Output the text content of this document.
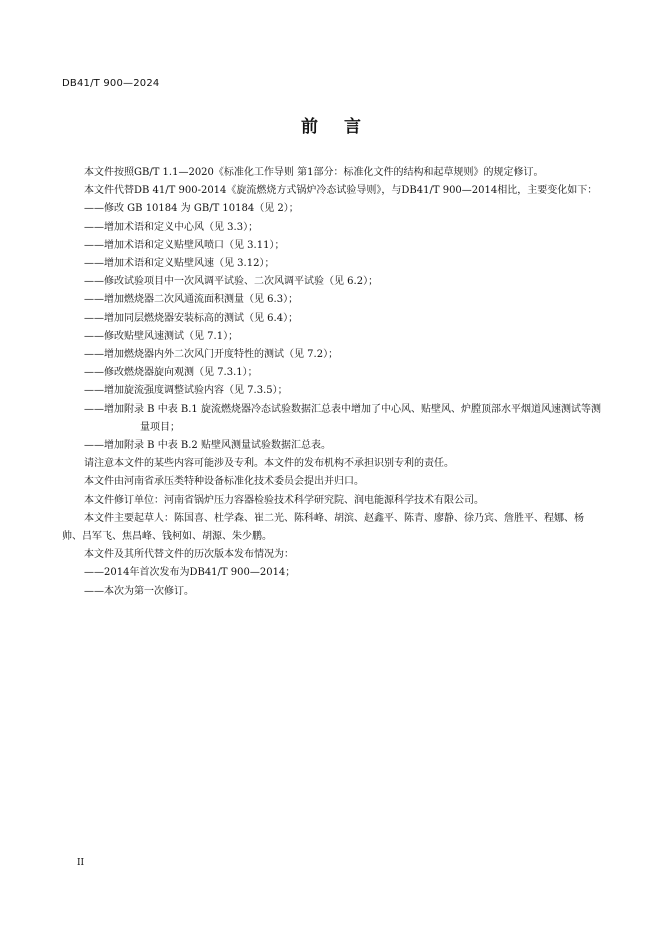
DB41/T 900—2024
前言

本文件按照GB/T 1.1—2020《标准化工作导则 第1部分：标准化文件的结构和起草规则》的规定修订。

本文件代替DB 41/T 900-2014《旋流燃烧方式锅炉冷态试验导则》，与DB41/T 900—2014相比，主要变化如下：

——修改 GB 10184 为 GB/T 10184（见 2）；

——增加术语和定义中心风（见 3.3）；

——增加术语和定义贴壁风喷口（见 3.11）；

——增加术语和定义贴壁风速（见 3.12）；

——修改试验项目中一次风调平试验、二次风调平试验（见 6.2）；

——增加燃烧器二次风通流面积测量（见 6.3）；

——增加同层燃烧器安装标高的测试（见 6.4）；

——修改贴壁风速测试（见 7.1）；

——增加燃烧器内外二次风门开度特性的测试（见 7.2）；

——修改燃烧器旋向观测（见 7.3.1）；

——增加旋流强度调整试验内容（见 7.3.5）；

——增加附录 B 中表 B.1 旋流燃烧器冷态试验数据汇总表中增加了中心风、贴壁风、炉膛顶部水平烟道风速测试等测量项目；

——增加附录 B 中表 B.2 贴壁风测量试验数据汇总表。

请注意本文件的某些内容可能涉及专利。本文件的发布机构不承担识别专利的责任。

本文件由河南省承压类特种设备标准化技术委员会提出并归口。

本文件修订单位：河南省锅炉压力容器检验技术科学研究院、润电能源科学技术有限公司。

本文件主要起草人：陈国喜、杜学森、崔二光、陈科峰、胡滨、赵鑫平、陈青、廖静、徐乃宾、詹胜平、程娜、杨帅、吕军飞、焦昌峰、钱柯如、胡源、朱少鹏。

本文件及其所代替文件的历次版本发布情况为：

——2014年首次发布为DB41/T 900—2014；

——本次为第一次修订。

II
